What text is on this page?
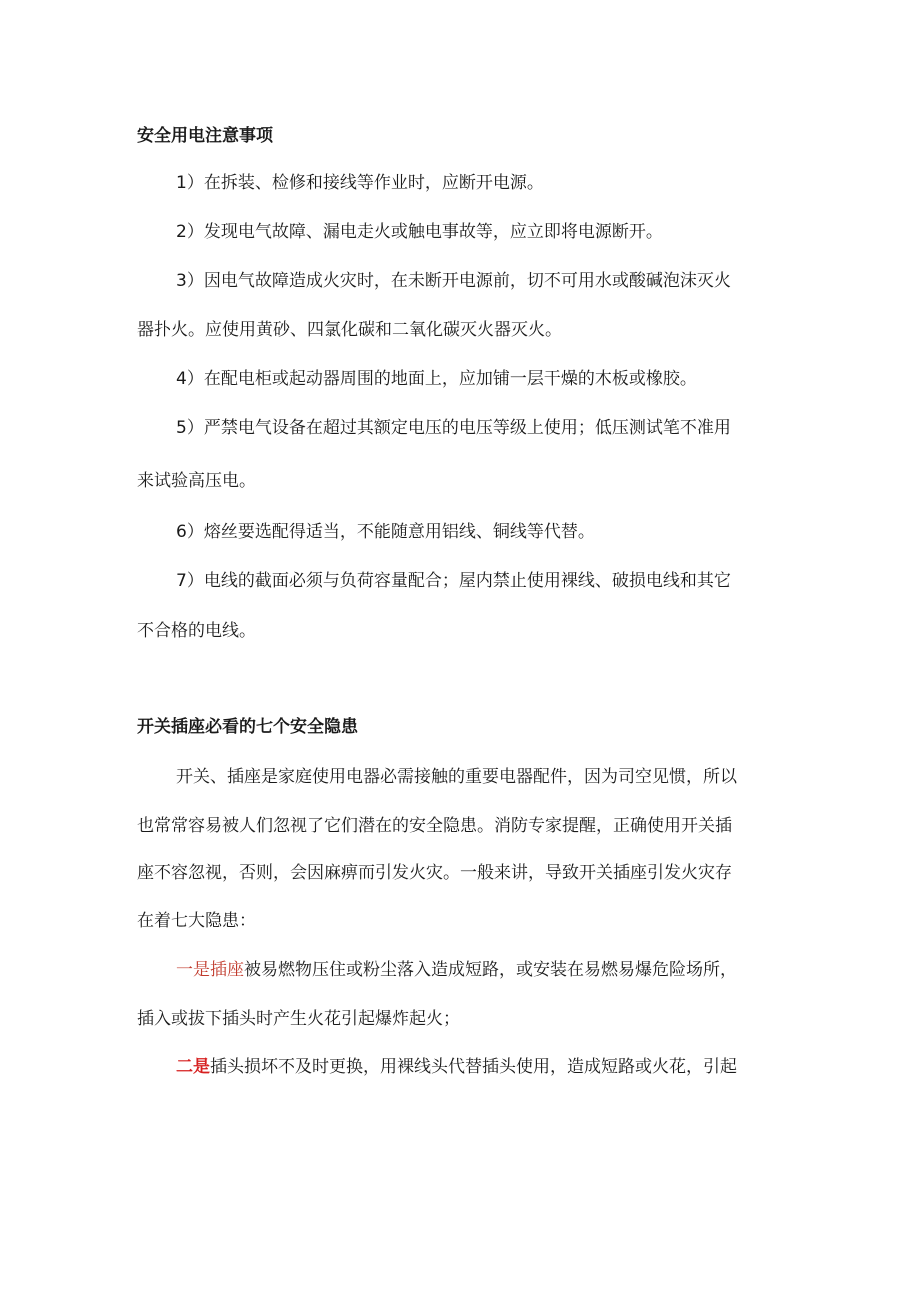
安全用电注意事项
1）在拆装、检修和接线等作业时，应断开电源。
2）发现电气故障、漏电走火或触电事故等，应立即将电源断开。
3）因电气故障造成火灾时，在未断开电源前，切不可用水或酸碱泡沫灭火
器扑火。应使用黄砂、四氯化碳和二氧化碳灭火器灭火。
4）在配电柜或起动器周围的地面上，应加铺一层干燥的木板或橡胶。
5）严禁电气设备在超过其额定电压的电压等级上使用；低压测试笔不准用
来试验高压电。
6）熔丝要选配得适当，不能随意用铝线、铜线等代替。
7）电线的截面必须与负荷容量配合；屋内禁止使用裸线、破损电线和其它
不合格的电线。
开关插座必看的七个安全隐患
开关、插座是家庭使用电器必需接触的重要电器配件，因为司空见惯，所以
也常常容易被人们忽视了它们潜在的安全隐患。消防专家提醒，正确使用开关插
座不容忽视，否则，会因麻痹而引发火灾。一般来讲，导致开关插座引发火灾存
在着七大隐患：
一是插座被易燃物压住或粉尘落入造成短路，或安装在易燃易爆危险场所，
插入或拔下插头时产生火花引起爆炸起火；
二是插头损坏不及时更换，用裸线头代替插头使用，造成短路或火花，引起
